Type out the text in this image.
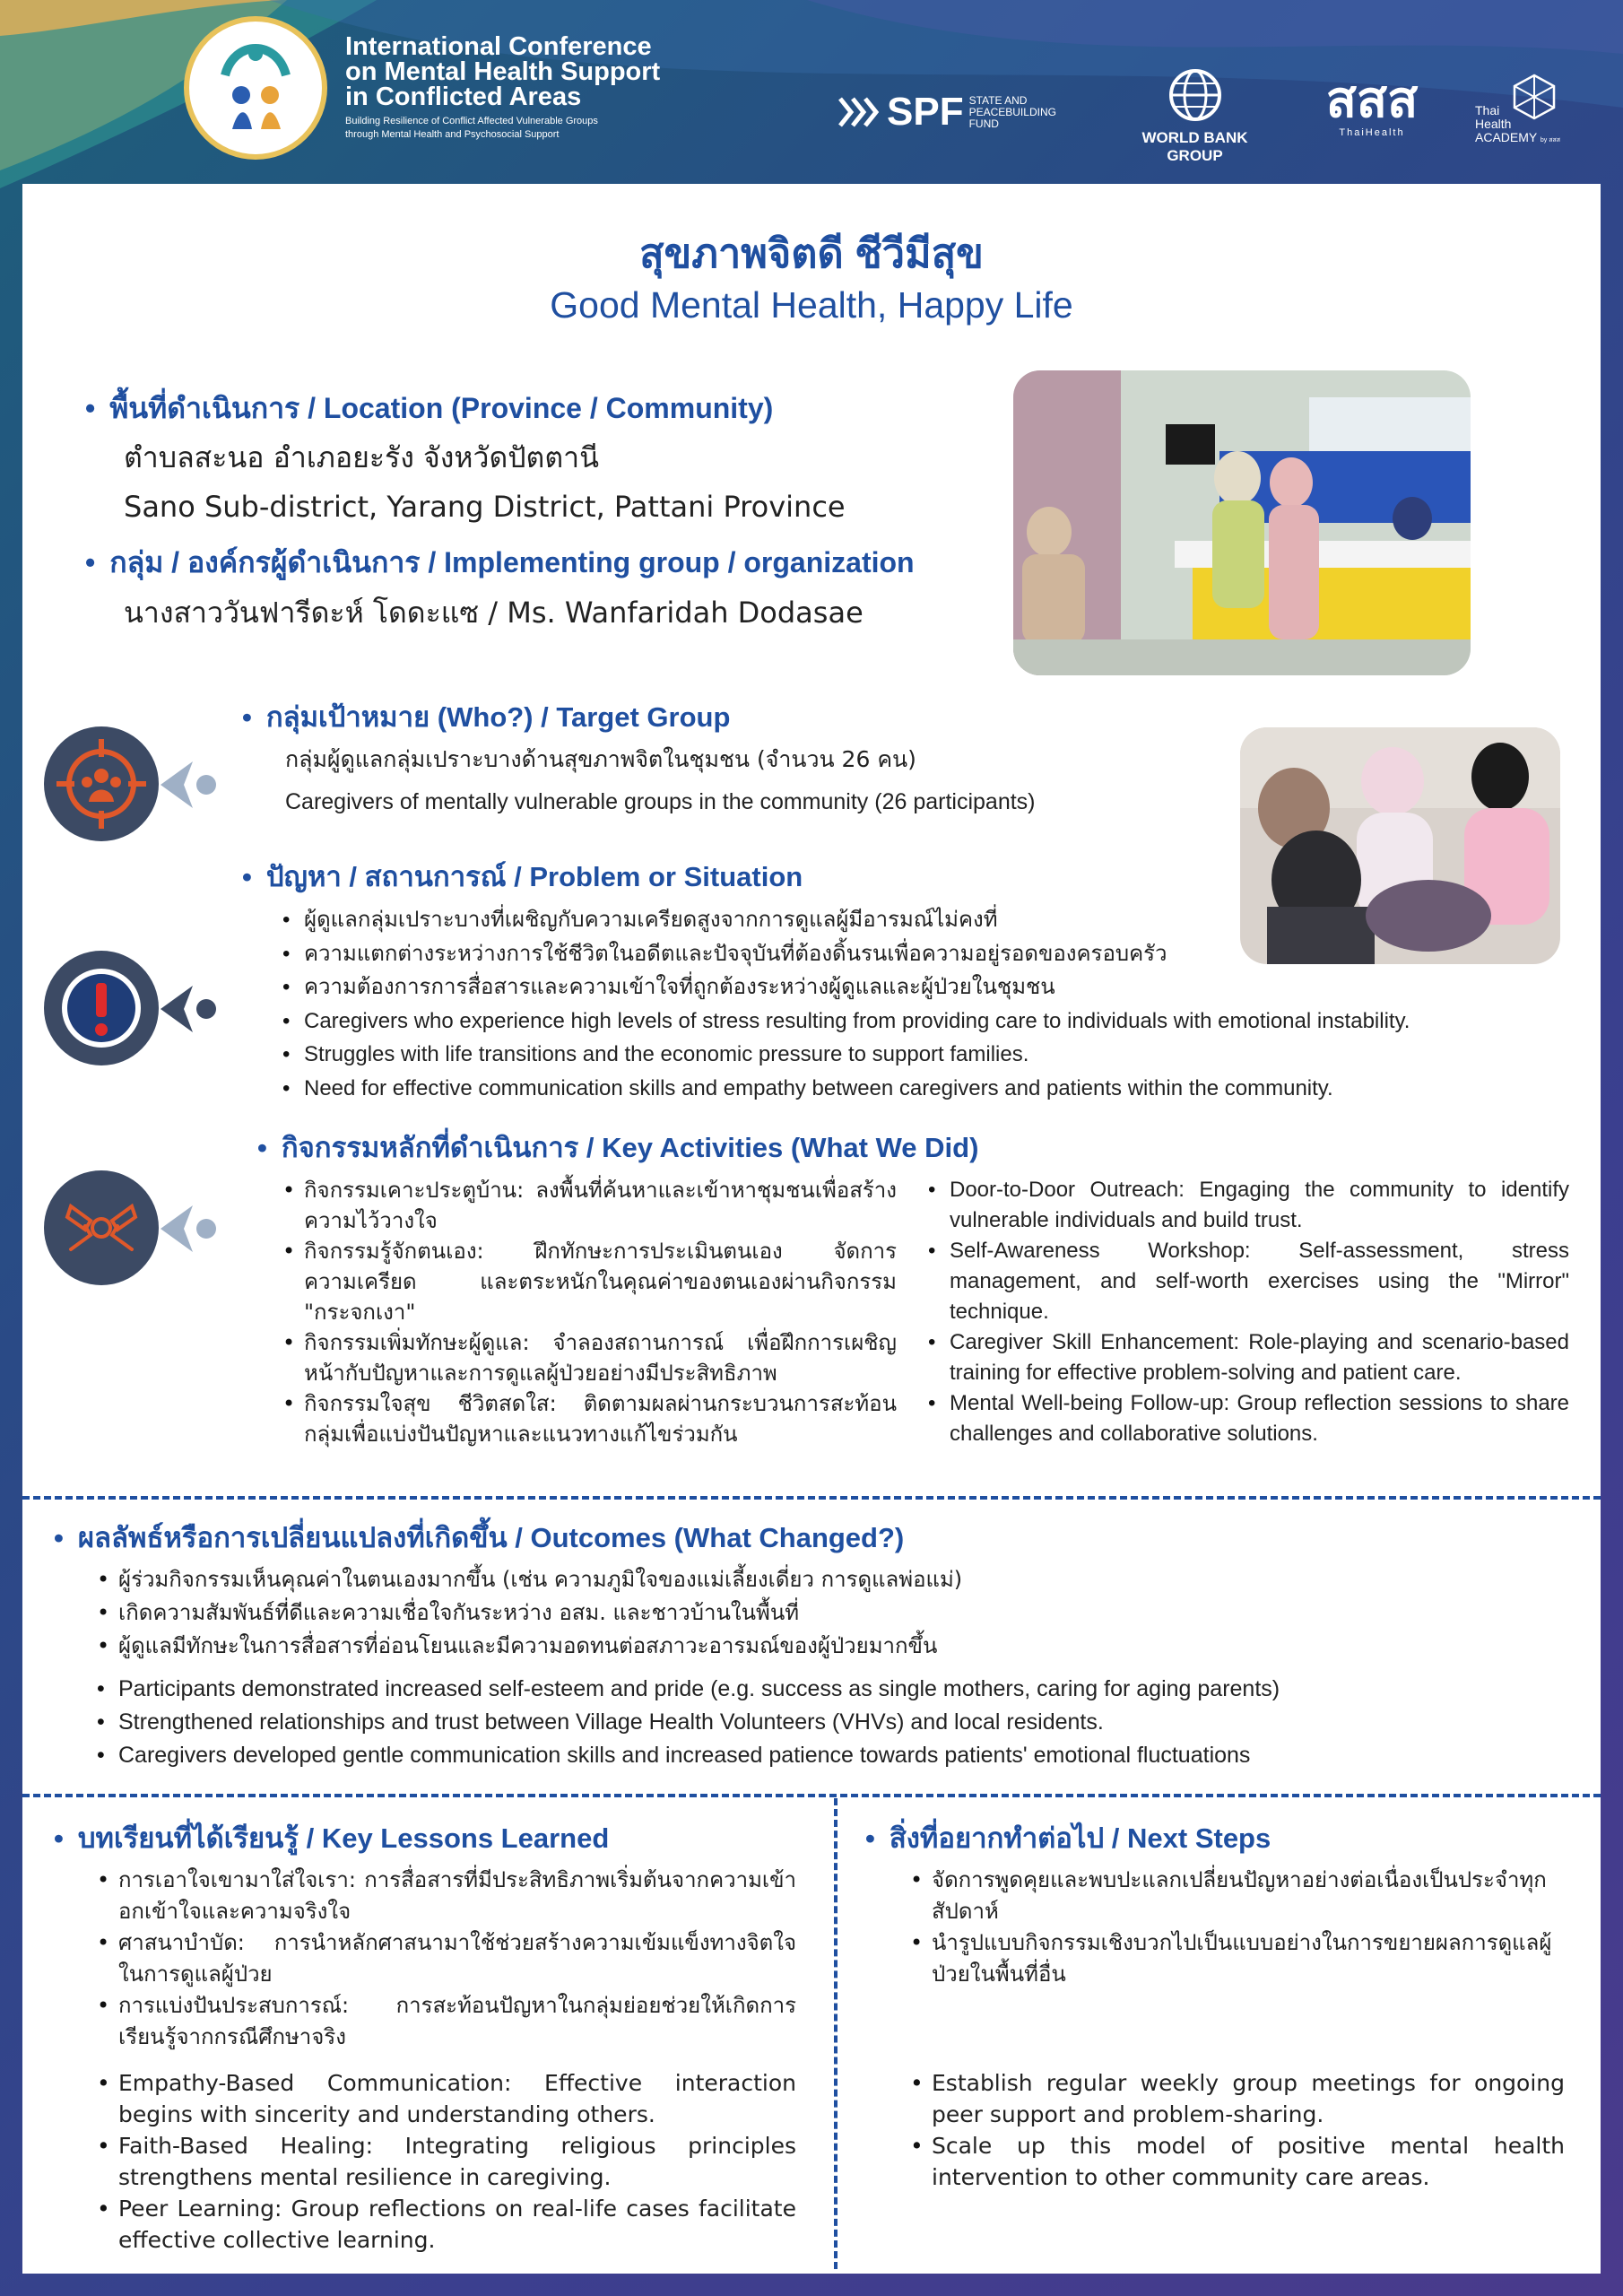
International Conference
on Mental Health Support
in Conflicted Areas
Building Resilience of Conflict Affected Vulnerable Groups
through Mental Health and Psychosocial Support
SPF STATE AND
PEACEBUILDING
FUND
WORLD BANK GROUP
สสส
ThaiHealth
Thai
Health
ACADEMY by สสส
สุขภาพจิตดี ชีวีมีสุข
Good Mental Health, Happy Life
• พื้นที่ดำเนินการ / Location (Province / Community)
ตำบลสะนอ อำเภอยะรัง จังหวัดปัตตานี
Sano Sub-district, Yarang District, Pattani Province
• กลุ่ม / องค์กรผู้ดำเนินการ / Implementing group / organization
นางสาววันฟารีดะห์ โดดะแซ / Ms. Wanfaridah Dodasae
• กลุ่มเป้าหมาย (Who?) / Target Group
กลุ่มผู้ดูแลกลุ่มเปราะบางด้านสุขภาพจิตในชุมชน (จำนวน 26 คน)
Caregivers of mentally vulnerable groups in the community (26 participants)
• ปัญหา / สถานการณ์ / Problem or Situation
• ผู้ดูแลกลุ่มเปราะบางที่เผชิญกับความเครียดสูงจากการดูแลผู้มีอารมณ์ไม่คงที่
• ความแตกต่างระหว่างการใช้ชีวิตในอดีตและปัจจุบันที่ต้องดิ้นรนเพื่อความอยู่รอดของครอบครัว
• ความต้องการการสื่อสารและความเข้าใจที่ถูกต้องระหว่างผู้ดูแลและผู้ป่วยในชุมชน
• Caregivers who experience high levels of stress resulting from providing care to individuals with emotional instability.
• Struggles with life transitions and the economic pressure to support families.
• Need for effective communication skills and empathy between caregivers and patients within the community.
• กิจกรรมหลักที่ดำเนินการ / Key Activities (What We Did)
• กิจกรรมเคาะประตูบ้าน: ลงพื้นที่ค้นหาและเข้าหาชุมชนเพื่อสร้างความไว้วางใจ
• กิจกรรมรู้จักตนเอง: ฝึกทักษะการประเมินตนเอง จัดการความเครียด และตระหนักในคุณค่าของตนเองผ่านกิจกรรม "กระจกเงา"
• กิจกรรมเพิ่มทักษะผู้ดูแล: จำลองสถานการณ์ เพื่อฝึกการเผชิญหน้ากับปัญหาและการดูแลผู้ป่วยอย่างมีประสิทธิภาพ
• กิจกรรมใจสุข ชีวิตสดใส: ติดตามผลผ่านกระบวนการสะท้อนกลุ่มเพื่อแบ่งปันปัญหาและแนวทางแก้ไขร่วมกัน
• Door-to-Door Outreach: Engaging the community to identify vulnerable individuals and build trust.
• Self-Awareness Workshop: Self-assessment, stress management, and self-worth exercises using the "Mirror" technique.
• Caregiver Skill Enhancement: Role-playing and scenario-based training for effective problem-solving and patient care.
• Mental Well-being Follow-up: Group reflection sessions to share challenges and collaborative solutions.
• ผลลัพธ์หรือการเปลี่ยนแปลงที่เกิดขึ้น / Outcomes (What Changed?)
• ผู้ร่วมกิจกรรมเห็นคุณค่าในตนเองมากขึ้น (เช่น ความภูมิใจของแม่เลี้ยงเดี่ยว การดูแลพ่อแม่)
• เกิดความสัมพันธ์ที่ดีและความเชื่อใจกันระหว่าง อสม. และชาวบ้านในพื้นที่
• ผู้ดูแลมีทักษะในการสื่อสารที่อ่อนโยนและมีความอดทนต่อสภาวะอารมณ์ของผู้ป่วยมากขึ้น
• Participants demonstrated increased self-esteem and pride (e.g. success as single mothers, caring for aging parents)
• Strengthened relationships and trust between Village Health Volunteers (VHVs) and local residents.
• Caregivers developed gentle communication skills and increased patience towards patients' emotional fluctuations
• บทเรียนที่ได้เรียนรู้ / Key Lessons Learned
• การเอาใจเขามาใส่ใจเรา: การสื่อสารที่มีประสิทธิภาพเริ่มต้นจากความเข้าอกเข้าใจและความจริงใจ
• ศาสนาบำบัด: การนำหลักศาสนามาใช้ช่วยสร้างความเข้มแข็งทางจิตใจในการดูแลผู้ป่วย
• การแบ่งปันประสบการณ์: การสะท้อนปัญหาในกลุ่มย่อยช่วยให้เกิดการเรียนรู้จากกรณีศึกษาจริง
• Empathy-Based Communication: Effective interaction begins with sincerity and understanding others.
• Faith-Based Healing: Integrating religious principles strengthens mental resilience in caregiving.
• Peer Learning: Group reflections on real-life cases facilitate effective collective learning.
• สิ่งที่อยากทำต่อไป / Next Steps
• จัดการพูดคุยและพบปะแลกเปลี่ยนปัญหาอย่างต่อเนื่องเป็นประจำทุกสัปดาห์
• นำรูปแบบกิจกรรมเชิงบวกไปเป็นแบบอย่างในการขยายผลการดูแลผู้ป่วยในพื้นที่อื่น
• Establish regular weekly group meetings for ongoing peer support and problem-sharing.
• Scale up this model of positive mental health intervention to other community care areas.
